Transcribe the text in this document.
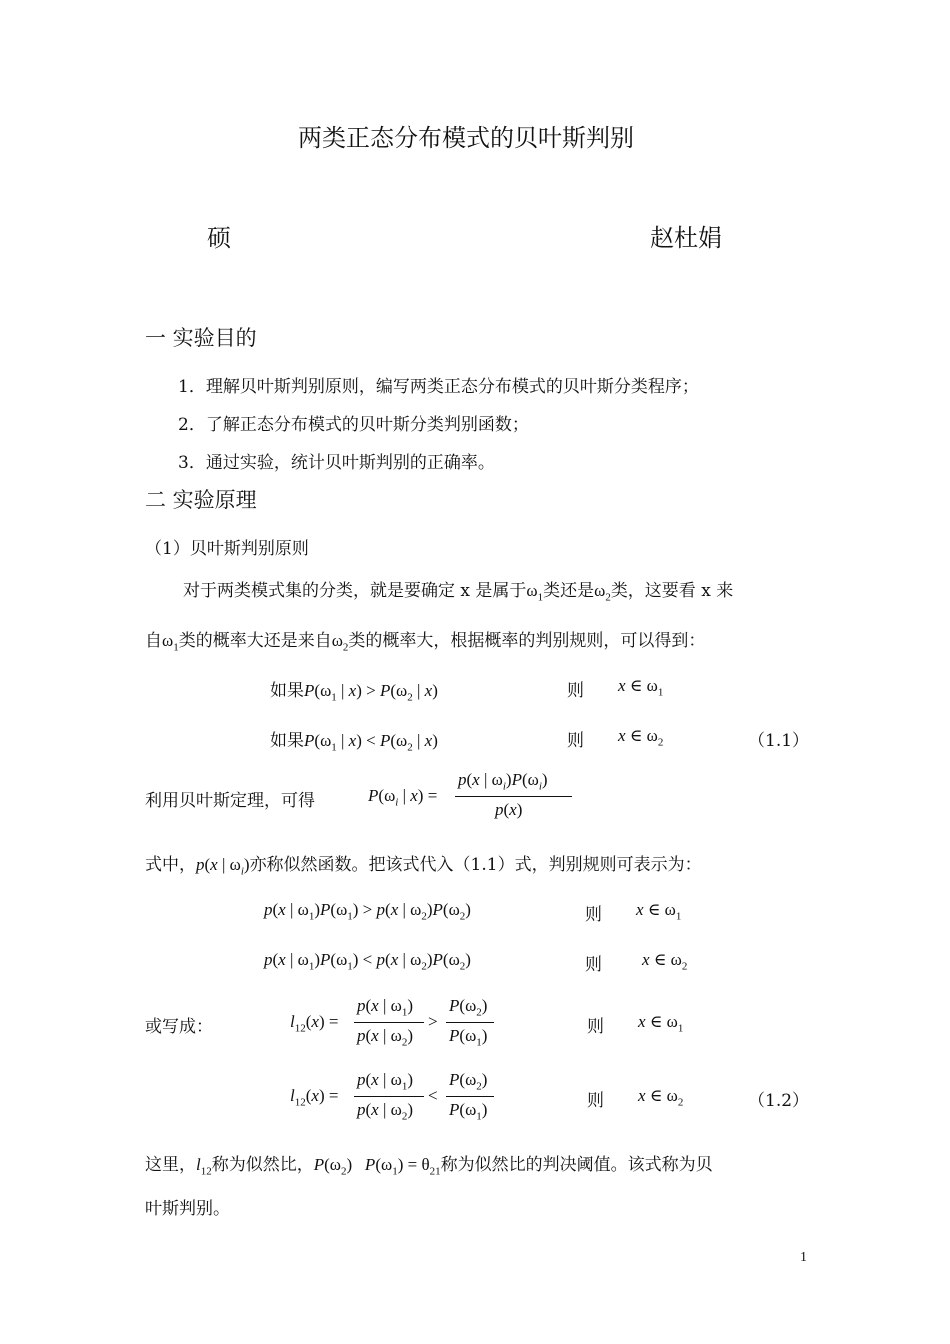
两类正态分布模式的贝叶斯判别
硕	赵杜娟
一 实验目的
1．理解贝叶斯判别原则，编写两类正态分布模式的贝叶斯分类程序；
2．了解正态分布模式的贝叶斯分类判别函数；
3．通过实验，统计贝叶斯判别的正确率。
二 实验原理
（1）贝叶斯判别原则
对于两类模式集的分类，就是要确定 x 是属于$\omega_1$类还是$\omega_2$类，这要看 x 来
自$\omega_1$类的概率大还是来自$\omega_2$类的概率大，根据概率的判别规则，可以得到：
如果$P(\omega_1$ | $x) > P(\omega_2$ | x)	则 x ∈ $\omega_1$
如果$P(\omega_1$ | $x) < P(\omega_2$ | x)	则 x ∈ $\omega_2$	（1.1）
利用贝叶斯定理，可得	$P(\omega_i$ | x) =
p(x | $\omega_i)P(\omega_i)$
p(x)
式中，p(x | $\omega_i$)亦称似然函数。把该式代入（1.1）式，判别规则可表示为：
p(x | $\omega_1)P(\omega_1) > p(x$ | $\omega_2)P(\omega_2)$	则 x ∈ $\omega_1$
p(x | $\omega_1)P(\omega_1) < p(x$ | $\omega_2)P(\omega_2)$	则 x ∈ $\omega_2$
或写成：	$l_{12}(x)$ =
p(x | $\omega_1$)
p(x | $\omega_2$)
>
$P(\omega_2)$
$P(\omega_1)$	则 x ∈ $\omega_1$
$l_{12}(x)$ =
p(x | $\omega_1$)
p(x | $\omega_2$)
<
$P(\omega_2)$
$P(\omega_1)$	则 x ∈ $\omega_2$	（1.2）
这里，$l_{12}$称为似然比，$P(\omega_2) P(\omega_1) = \theta_{21}$称为似然比的判决阈值。该式称为贝
叶斯判别。
1
